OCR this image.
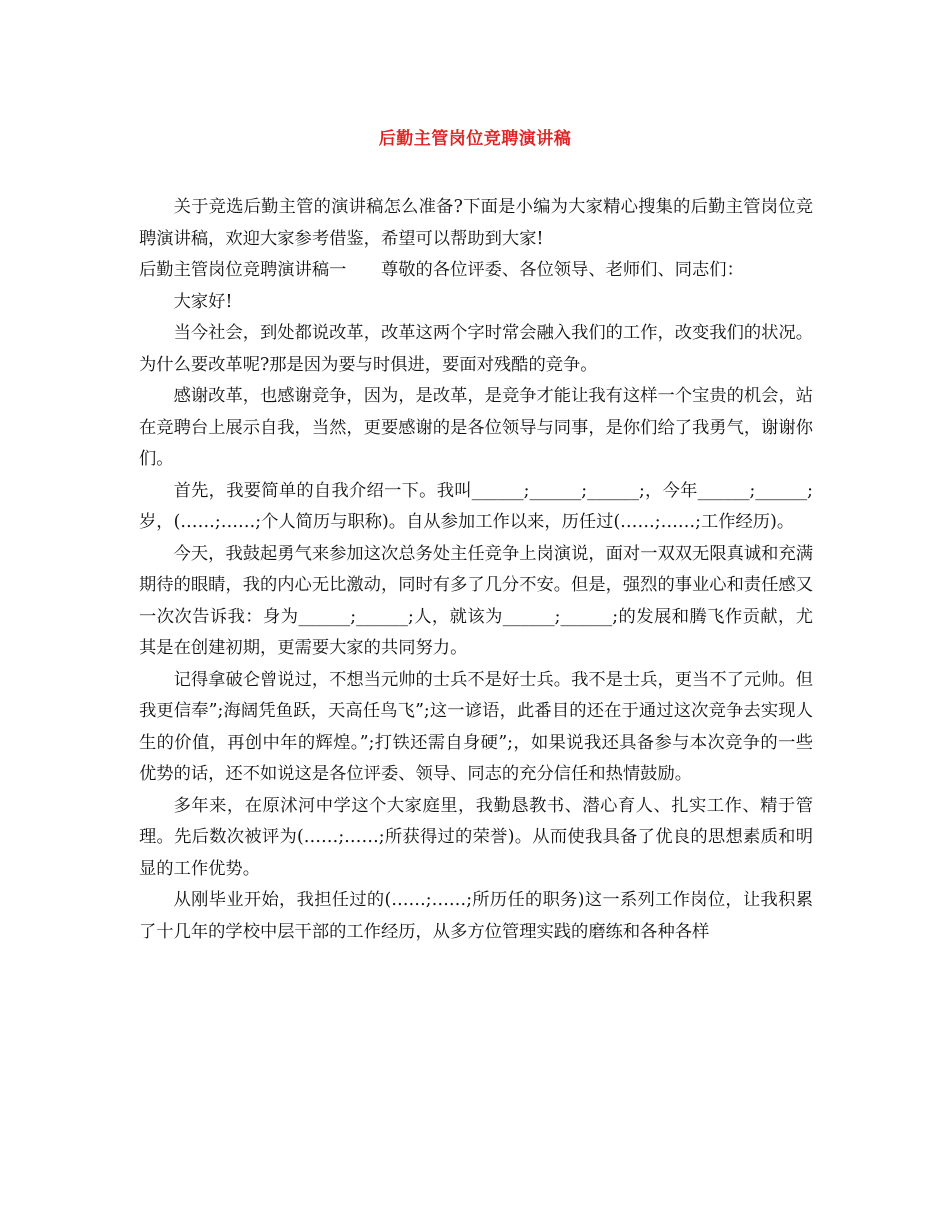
后勤主管岗位竞聘演讲稿

关于竞选后勤主管的演讲稿怎么准备?下面是小编为大家精心搜集的后勤主管岗位竞聘演讲稿，欢迎大家参考借鉴，希望可以帮助到大家!

后勤主管岗位竞聘演讲稿一　　尊敬的各位评委、各位领导、老师们、同志们：

大家好!

当今社会，到处都说改革，改革这两个字时常会融入我们的工作，改变我们的状况。为什么要改革呢?那是因为要与时俱进，要面对残酷的竞争。

感谢改革，也感谢竞争，因为，是改革，是竞争才能让我有这样一个宝贵的机会，站在竞聘台上展示自我，当然，更要感谢的是各位领导与同事，是你们给了我勇气，谢谢你们。

首先，我要简单的自我介绍一下。我叫______;______;______;，今年______;______;岁，(……;……;个人简历与职称)。自从参加工作以来，历任过(……;……;工作经历)。

今天，我鼓起勇气来参加这次总务处主任竞争上岗演说，面对一双双无限真诚和充满期待的眼睛，我的内心无比激动，同时有多了几分不安。但是，强烈的事业心和责任感又一次次告诉我：身为______;______;人，就该为______;______;的发展和腾飞作贡献，尤其是在创建初期，更需要大家的共同努力。

记得拿破仑曾说过，不想当元帅的士兵不是好士兵。我不是士兵，更当不了元帅。但我更信奉”;海阔凭鱼跃，天高任鸟飞”;这一谚语，此番目的还在于通过这次竞争去实现人生的价值，再创中年的辉煌。”;打铁还需自身硬”;，如果说我还具备参与本次竞争的一些优势的话，还不如说这是各位评委、领导、同志的充分信任和热情鼓励。

多年来，在原沭河中学这个大家庭里，我勤恳教书、潜心育人、扎实工作、精于管理。先后数次被评为(……;……;所获得过的荣誉)。从而使我具备了优良的思想素质和明显的工作优势。

从刚毕业开始，我担任过的(……;……;所历任的职务)这一系列工作岗位，让我积累了十几年的学校中层干部的工作经历，从多方位管理实践的磨练和各种各样
